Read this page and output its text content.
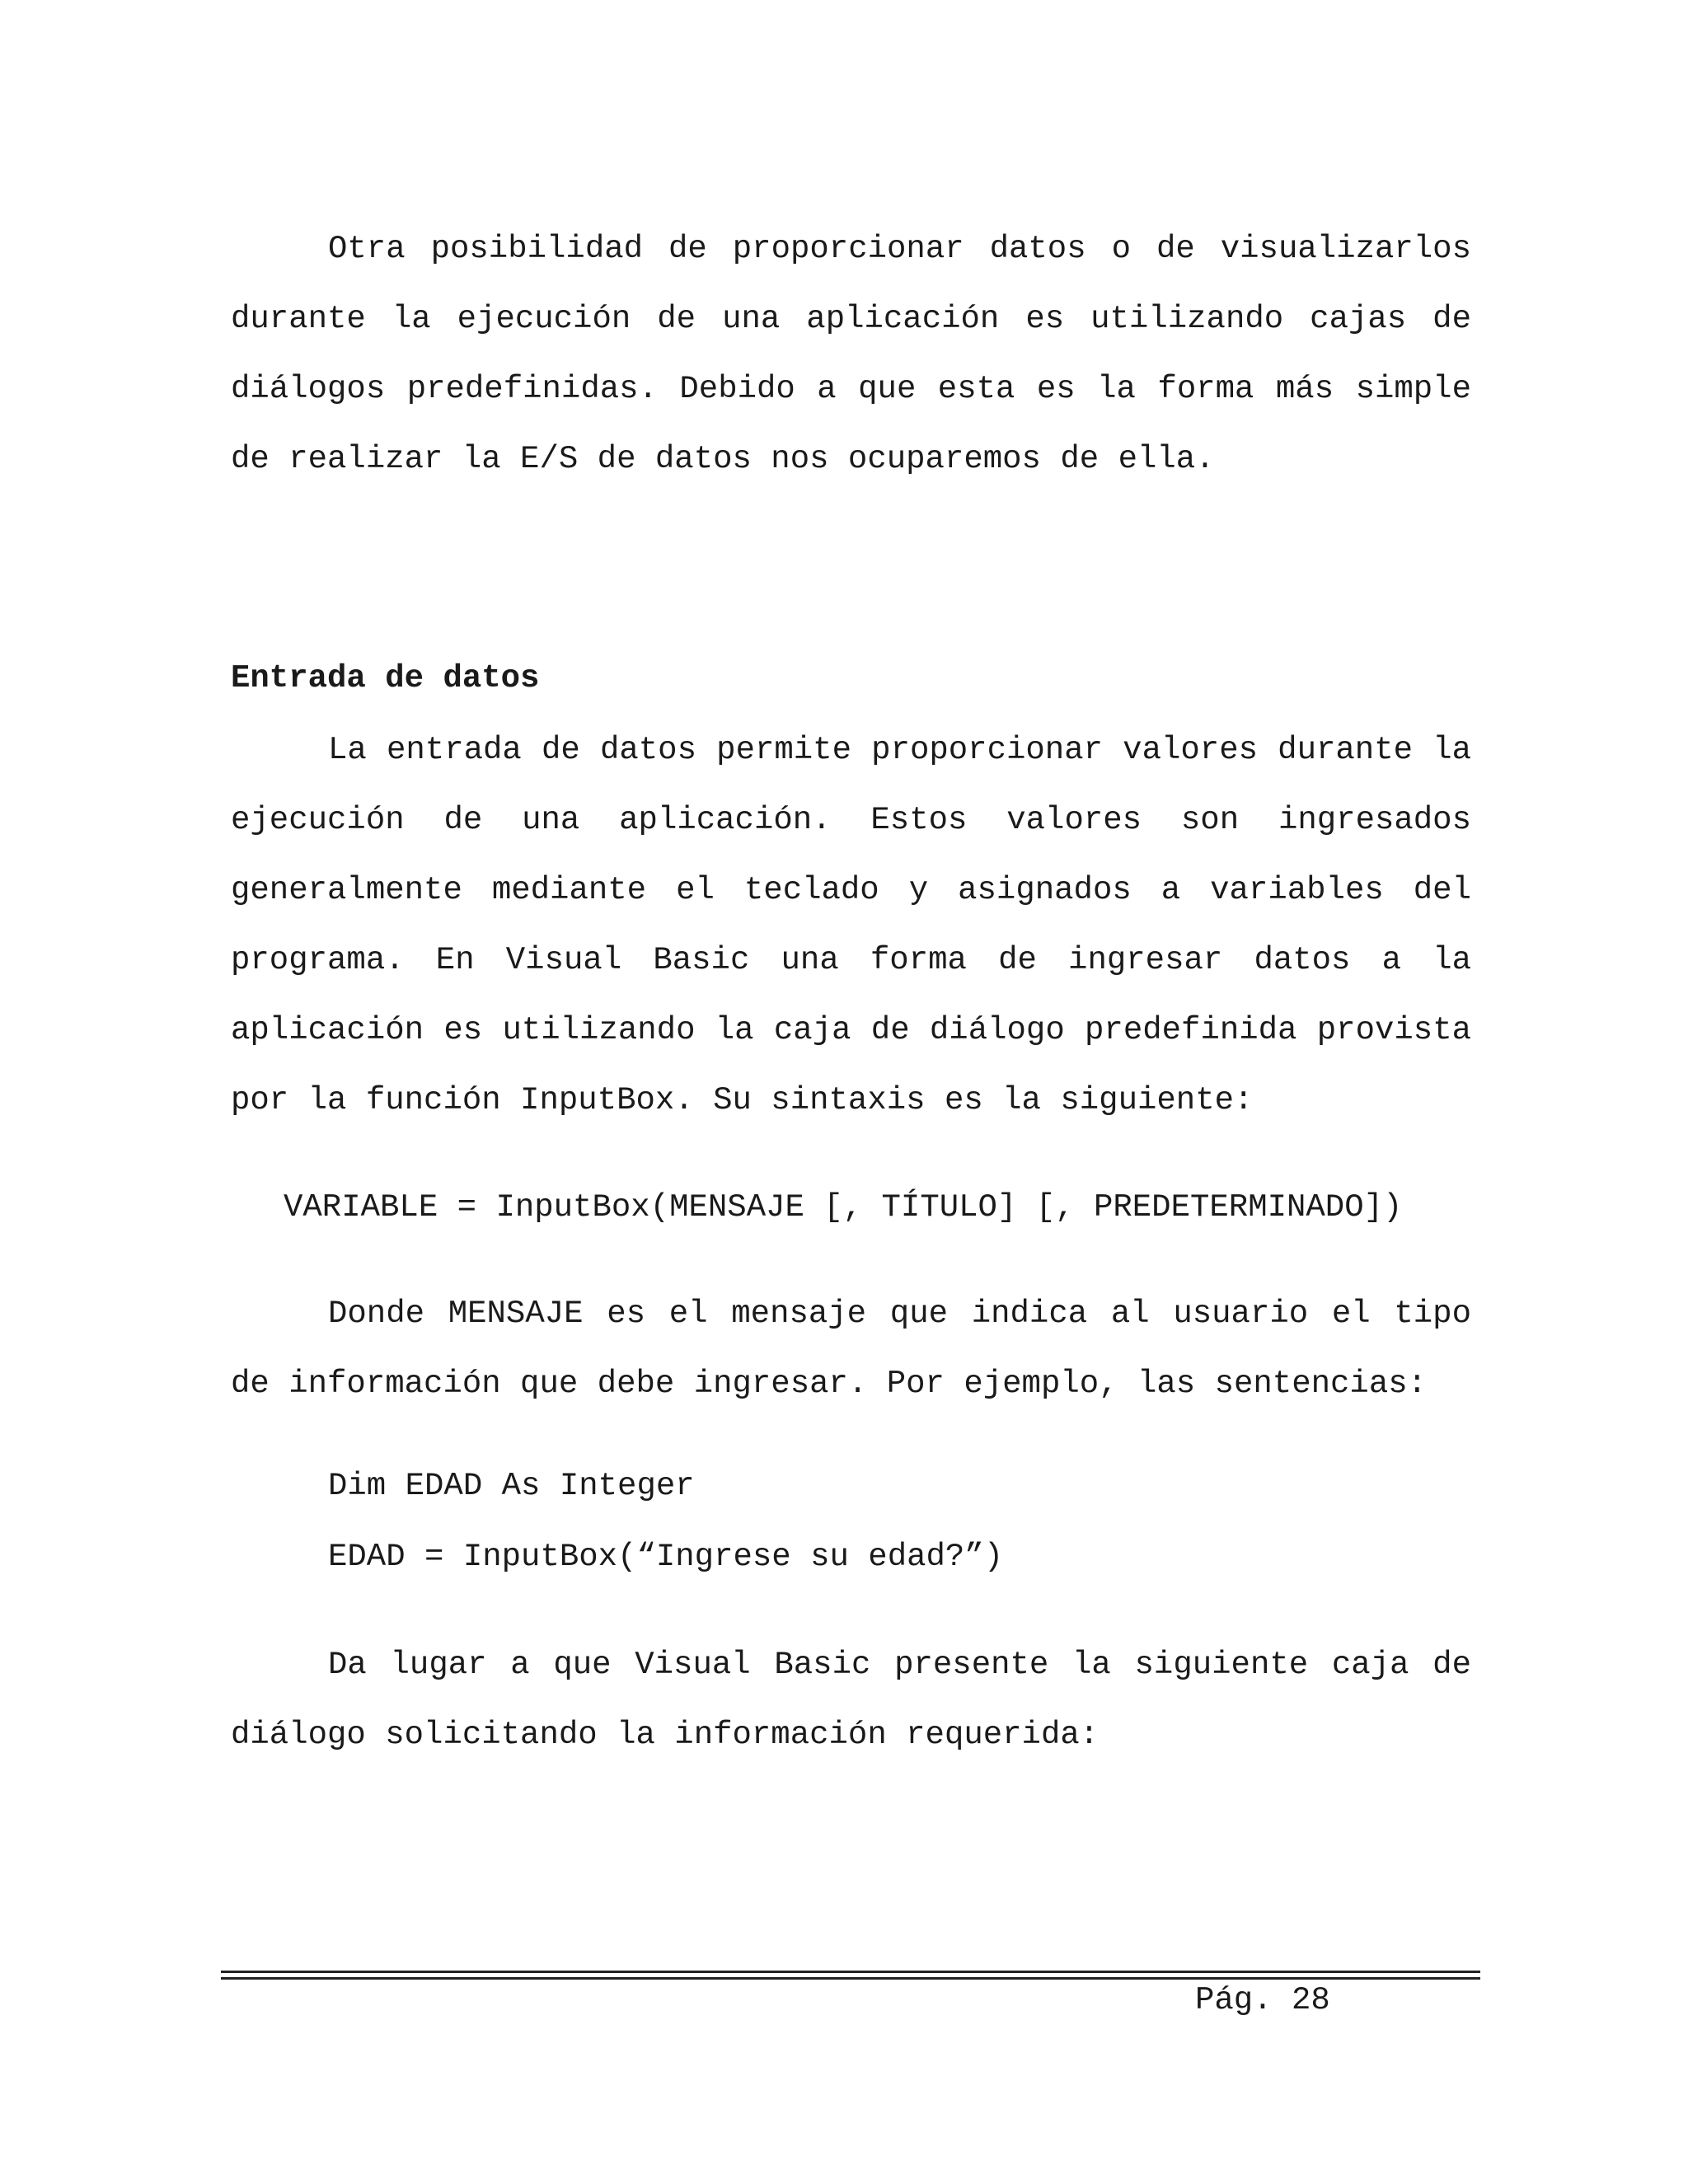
Otra posibilidad de proporcionar datos o de visualizarlos durante la ejecución de una aplicación es utilizando cajas de diálogos predefinidas. Debido a que esta es la forma más simple de realizar la E/S de datos nos ocuparemos de ella.

Entrada de datos

La entrada de datos permite proporcionar valores durante la ejecución de una aplicación. Estos valores son ingresados generalmente mediante el teclado y asignados a variables del programa. En Visual Basic una forma de ingresar datos a la aplicación es utilizando la caja de diálogo predefinida provista por la función InputBox. Su sintaxis es la siguiente:

VARIABLE = InputBox(MENSAJE [, TÍTULO] [, PREDETERMINADO])

Donde MENSAJE es el mensaje que indica al usuario el tipo de información que debe ingresar. Por ejemplo, las sentencias:

Dim EDAD As Integer

EDAD = InputBox(“Ingrese su edad?”)

Da lugar a que Visual Basic presente la siguiente caja de diálogo solicitando la información requerida:

Pág. 28
